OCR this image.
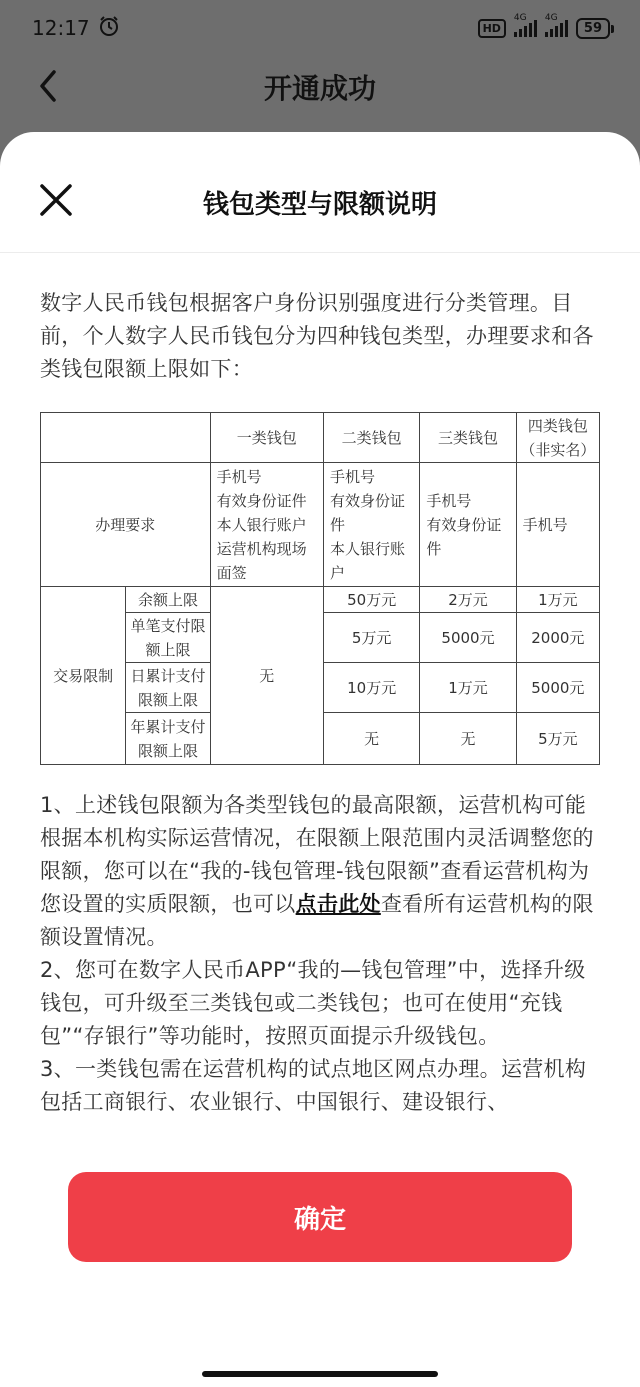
12:17	HD
4G 4G
59
开通成功
钱包类型与限额说明

数字人民币钱包根据客户身份识别强度进行分类管理。目前，个人数字人民币钱包分为四种钱包类型，办理要求和各类钱包限额上限如下：

		一类钱包	二类钱包	三类钱包	四类钱包（非实名）
办理要求		手机号
有效身份证件
本人银行账户
运营机构现场面签	手机号
有效身份证件
本人银行账户	手机号
有效身份证件	手机号
交易限制	余额上限	无	50万元	2万元	1万元
	单笔支付限额上限		5万元	5000元	2000元
	日累计支付限额上限		10万元	1万元	5000元
	年累计支付限额上限		无	无	5万元

1、上述钱包限额为各类型钱包的最高限额，运营机构可能根据本机构实际运营情况，在限额上限范围内灵活调整您的限额，您可以在“我的-钱包管理-钱包限额”查看运营机构为您设置的实质限额，也可以点击此处查看所有运营机构的限额设置情况。

2、您可在数字人民币APP“我的—钱包管理”中，选择升级钱包，可升级至三类钱包或二类钱包；也可在使用“充钱包”“存银行”等功能时，按照页面提示升级钱包。

3、一类钱包需在运营机构的试点地区网点办理。运营机构包括工商银行、农业银行、中国银行、建设银行、

确定
